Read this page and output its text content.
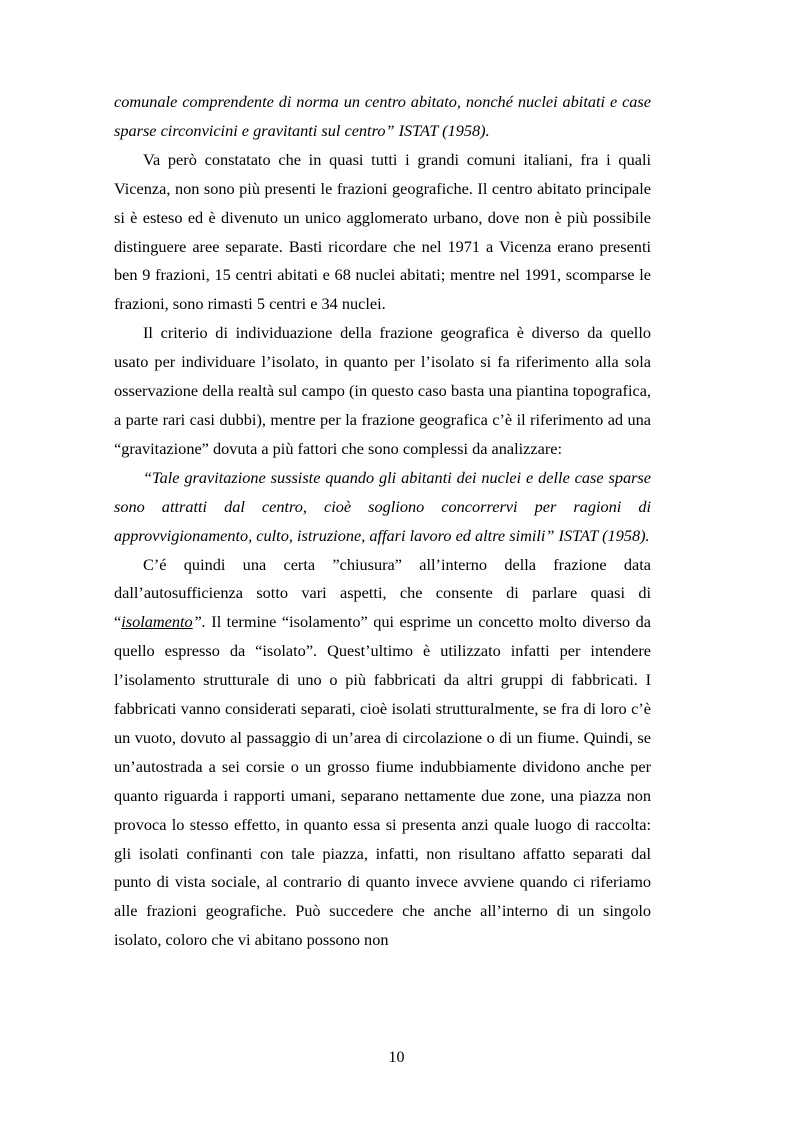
comunale comprendente di norma un centro abitato, nonché nuclei abitati e case sparse circonvicini e gravitanti sul centro” ISTAT (1958).

Va però constatato che in quasi tutti i grandi comuni italiani, fra i quali Vicenza, non sono più presenti le frazioni geografiche. Il centro abitato principale si è esteso ed è divenuto un unico agglomerato urbano, dove non è più possibile distinguere aree separate. Basti ricordare che nel 1971 a Vicenza erano presenti ben 9 frazioni, 15 centri abitati e 68 nuclei abitati; mentre nel 1991, scomparse le frazioni, sono rimasti 5 centri e 34 nuclei.

Il criterio di individuazione della frazione geografica è diverso da quello usato per individuare l’isolato, in quanto per l’isolato si fa riferimento alla sola osservazione della realtà sul campo (in questo caso basta una piantina topografica, a parte rari casi dubbi), mentre per la frazione geografica c’è il riferimento ad una “gravitazione” dovuta a più fattori che sono complessi da analizzare:

“Tale gravitazione sussiste quando gli abitanti dei nuclei e delle case sparse sono attratti dal centro, cioè sogliono concorrervi per ragioni di approvvigionamento, culto, istruzione, affari lavoro ed altre simili” ISTAT (1958).

C’é quindi una certa ”chiusura” all’interno della frazione data dall’autosufficienza sotto vari aspetti, che consente di parlare quasi di “isolamento”. Il termine “isolamento” qui esprime un concetto molto diverso da quello espresso da “isolato”. Quest’ultimo è utilizzato infatti per intendere l’isolamento strutturale di uno o più fabbricati da altri gruppi di fabbricati. I fabbricati vanno considerati separati, cioè isolati strutturalmente, se fra di loro c’è un vuoto, dovuto al passaggio di un’area di circolazione o di un fiume. Quindi, se un’autostrada a sei corsie o un grosso fiume indubbiamente dividono anche per quanto riguarda i rapporti umani, separano nettamente due zone, una piazza non provoca lo stesso effetto, in quanto essa si presenta anzi quale luogo di raccolta: gli isolati confinanti con tale piazza, infatti, non risultano affatto separati dal punto di vista sociale, al contrario di quanto invece avviene quando ci riferiamo alle frazioni geografiche. Può succedere che anche all’interno di un singolo isolato, coloro che vi abitano possono non

10
